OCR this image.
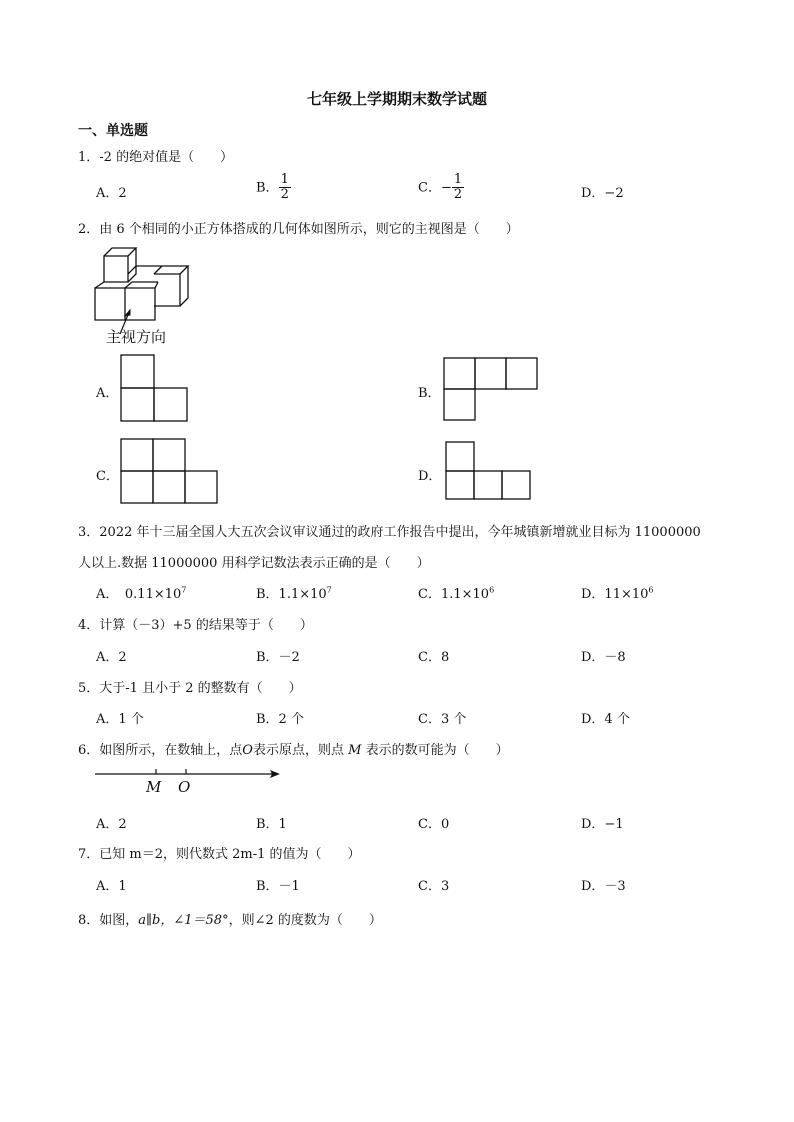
七年级上学期期末数学试题
一、单选题
1．-2 的绝对值是（　　）
A．2	B． $\frac{1}{2}$	C．− $\frac{1}{2}$	D．−2
2．由 6 个相同的小正方体搭成的几何体如图所示，则它的主视图是（　　）
主视方向
A．	B．
C．	D．
3．2022 年十三届全国人大五次会议审议通过的政府工作报告中提出，今年城镇新增就业目标为 11000000
人以上.数据 11000000 用科学记数法表示正确的是（　　）
A．　$0.11\times 10^7$	B．$1.1\times 10^7$	C．$1.1\times 10^6$	D．$11\times 10^6$
4．计算（－3）+5 的结果等于（　　）
A．2	B．－2	C．8	D．－8
5．大于-1 且小于 2 的整数有（　　）
A．1 个	B．2 个	C．3 个	D．4 个
6．如图所示，在数轴上，点O表示原点，则点 M 表示的数可能为（　　）
M O
A．2	B．1	C．0	D．−1
7．已知 m＝2，则代数式 2m-1 的值为（　　）
A．1	B．－1	C．3	D．－3
8．如图，a∥b，∠1＝58°，则∠2 的度数为（　　）
